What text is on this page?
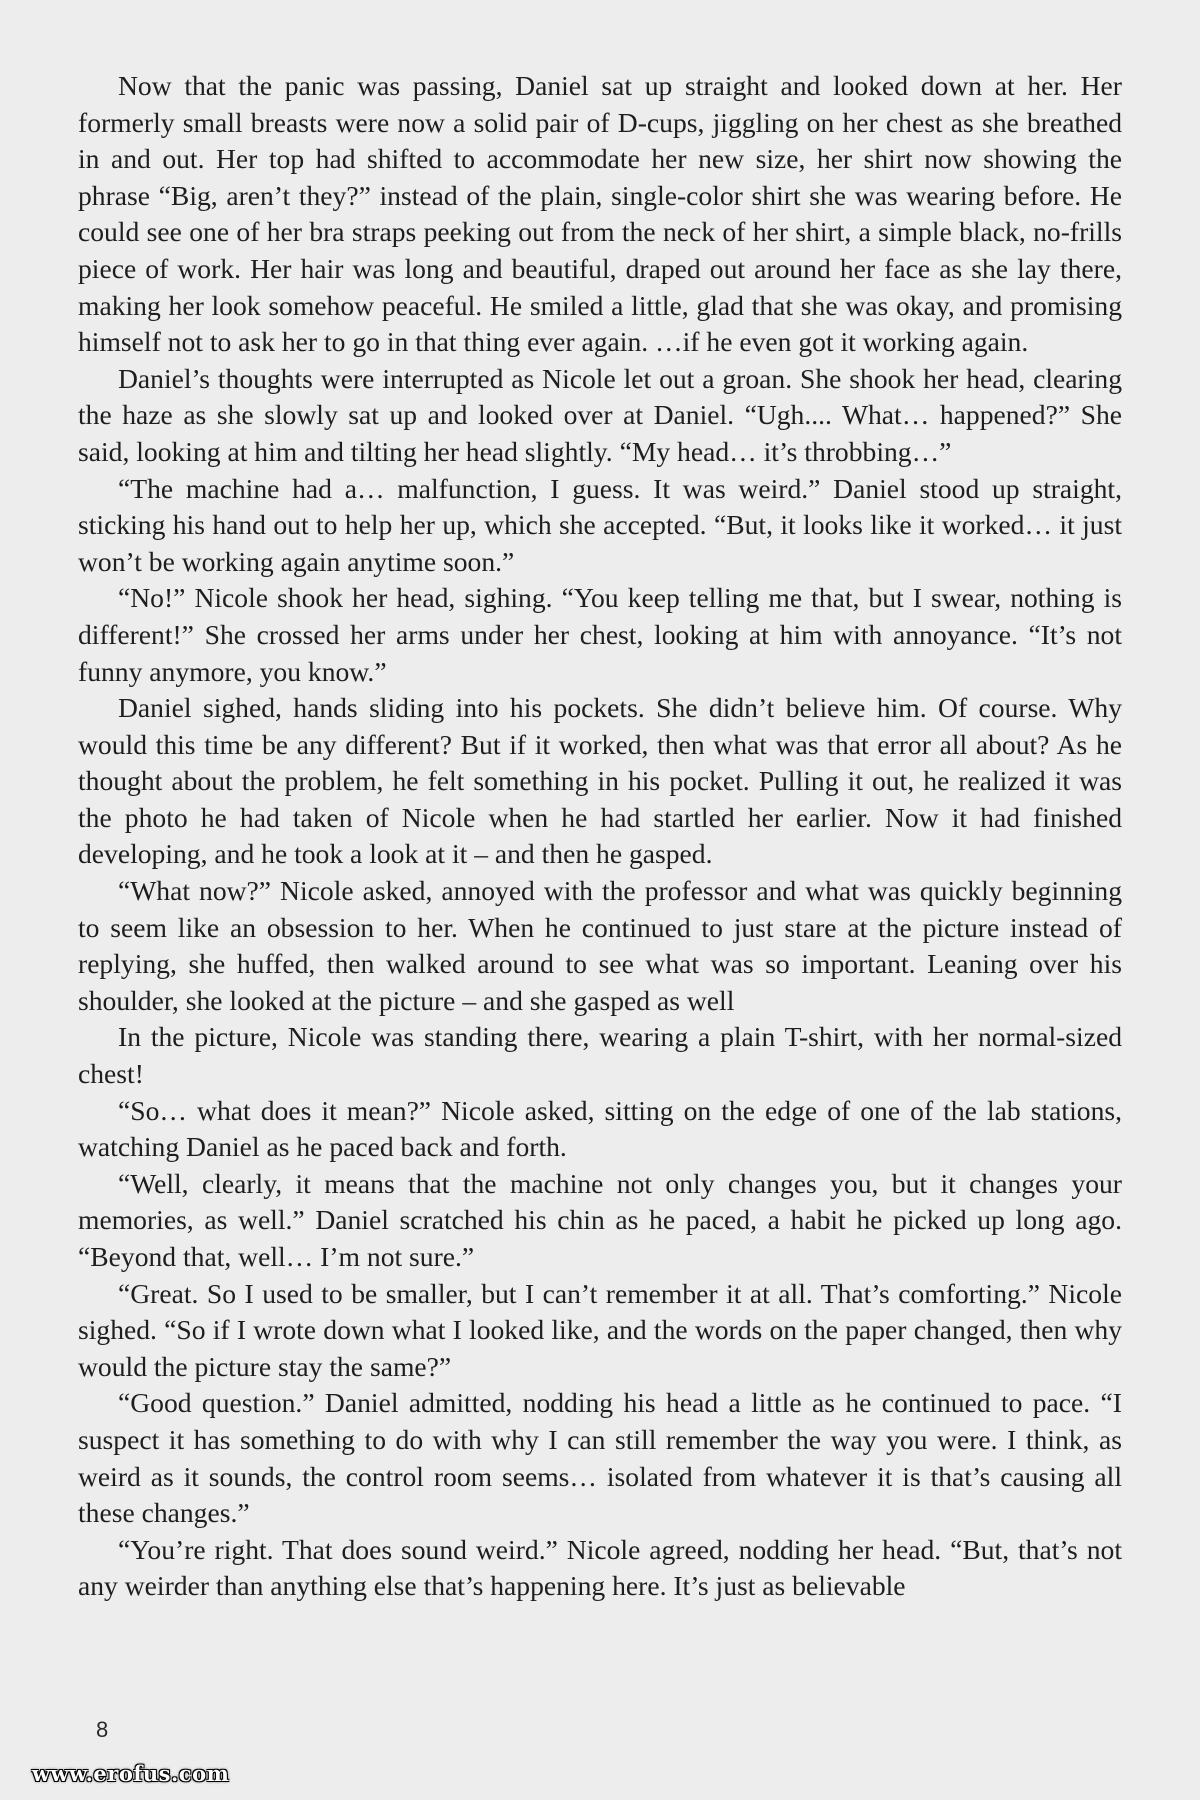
Now that the panic was passing, Daniel sat up straight and looked down at her. Her formerly small breasts were now a solid pair of D-cups, jiggling on her chest as she breathed in and out. Her top had shifted to accommodate her new size, her shirt now showing the phrase “Big, aren’t they?” instead of the plain, single-color shirt she was wearing before. He could see one of her bra straps peeking out from the neck of her shirt, a simple black, no-frills piece of work. Her hair was long and beautiful, draped out around her face as she lay there, making her look somehow peaceful. He smiled a little, glad that she was okay, and promising himself not to ask her to go in that thing ever again. …if he even got it working again.

Daniel’s thoughts were interrupted as Nicole let out a groan. She shook her head, clearing the haze as she slowly sat up and looked over at Daniel. “Ugh.... What… happened?” She said, looking at him and tilting her head slightly. “My head… it’s throbbing…”

“The machine had a… malfunction, I guess. It was weird.” Daniel stood up straight, sticking his hand out to help her up, which she accepted. “But, it looks like it worked… it just won’t be working again anytime soon.”

“No!” Nicole shook her head, sighing. “You keep telling me that, but I swear, nothing is different!” She crossed her arms under her chest, looking at him with annoyance. “It’s not funny anymore, you know.”

Daniel sighed, hands sliding into his pockets. She didn’t believe him. Of course. Why would this time be any different? But if it worked, then what was that error all about? As he thought about the problem, he felt something in his pocket. Pulling it out, he realized it was the photo he had taken of Nicole when he had startled her earlier. Now it had finished developing, and he took a look at it – and then he gasped.

“What now?” Nicole asked, annoyed with the professor and what was quickly beginning to seem like an obsession to her. When he continued to just stare at the picture instead of replying, she huffed, then walked around to see what was so important. Leaning over his shoulder, she looked at the picture – and she gasped as well

In the picture, Nicole was standing there, wearing a plain T-shirt, with her normal-sized chest!

“So… what does it mean?” Nicole asked, sitting on the edge of one of the lab stations, watching Daniel as he paced back and forth.

“Well, clearly, it means that the machine not only changes you, but it changes your memories, as well.” Daniel scratched his chin as he paced, a habit he picked up long ago. “Beyond that, well… I’m not sure.”

“Great. So I used to be smaller, but I can’t remember it at all. That’s comforting.” Nicole sighed. “So if I wrote down what I looked like, and the words on the paper changed, then why would the picture stay the same?”

“Good question.” Daniel admitted, nodding his head a little as he continued to pace. “I suspect it has something to do with why I can still remember the way you were. I think, as weird as it sounds, the control room seems… isolated from whatever it is that’s causing all these changes.”

“You’re right. That does sound weird.” Nicole agreed, nodding her head. “But, that’s not any weirder than anything else that’s happening here. It’s just as believable

8
www.erofus.com
